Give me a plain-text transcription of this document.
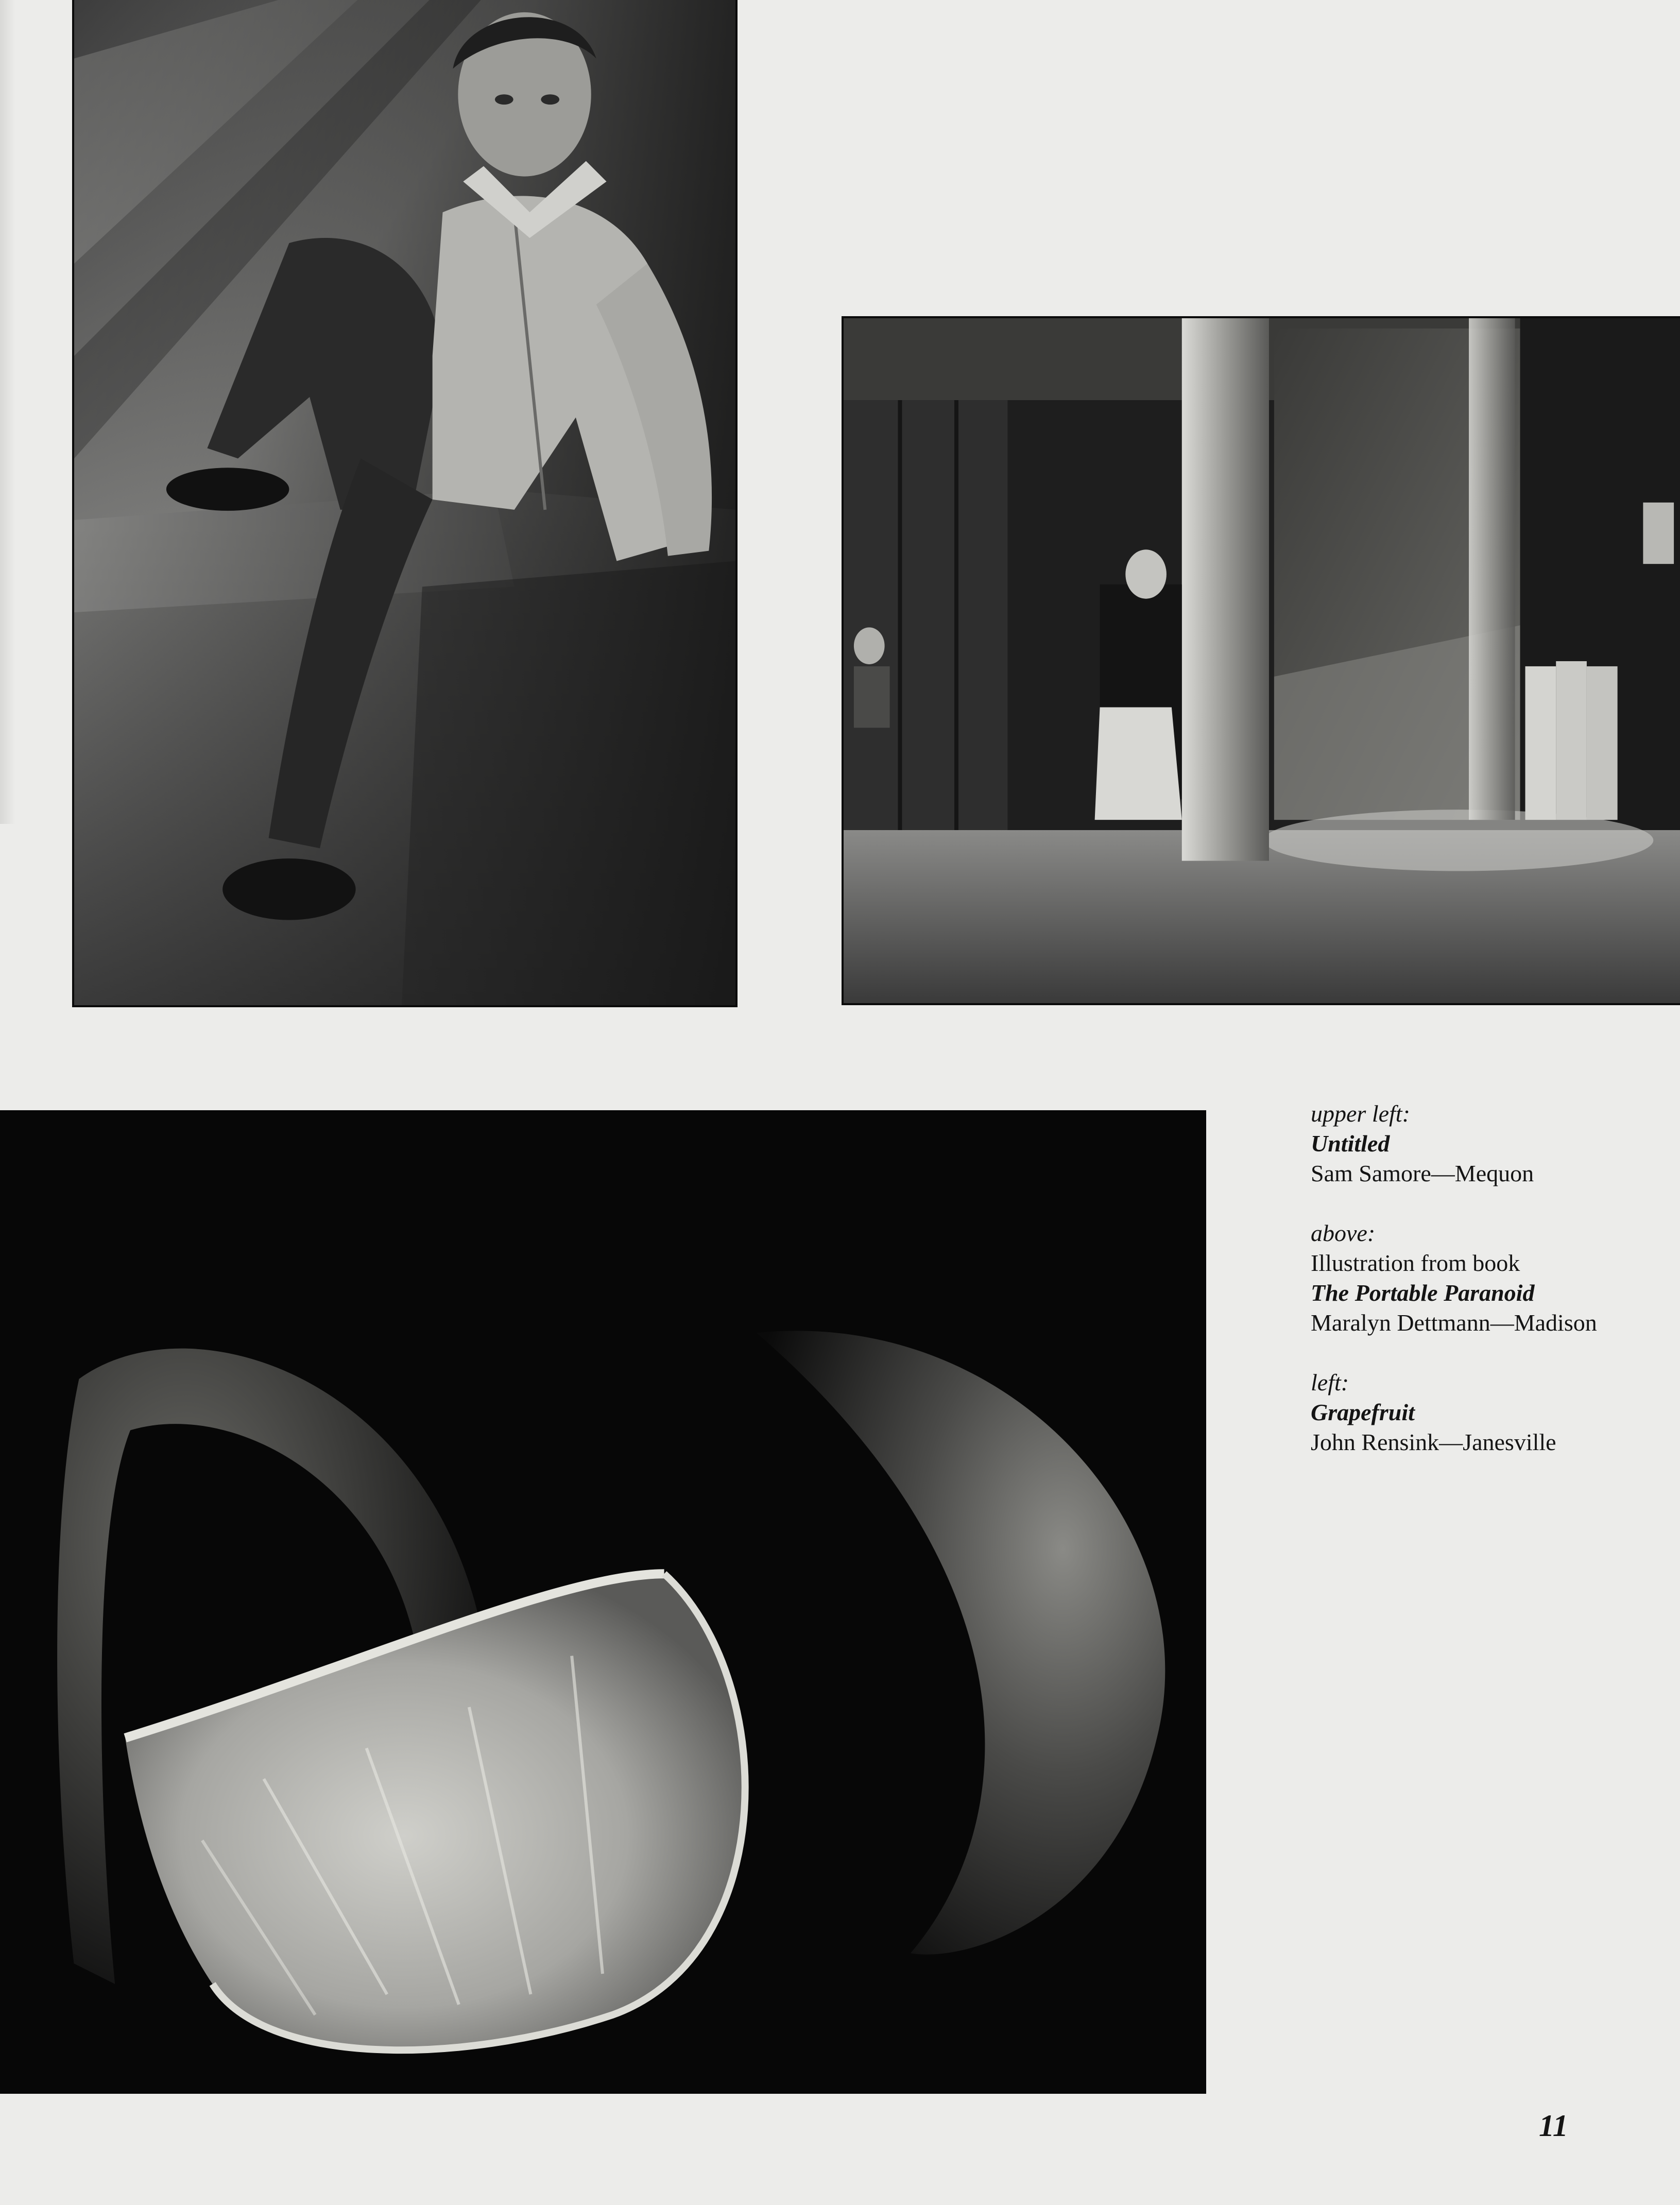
upper left:
Untitled
Sam Samore—Mequon
above:
Illustration from book
The Portable Paranoid
Maralyn Dettmann—Madison
left:
Grapefruit
John Rensink—Janesville
11
